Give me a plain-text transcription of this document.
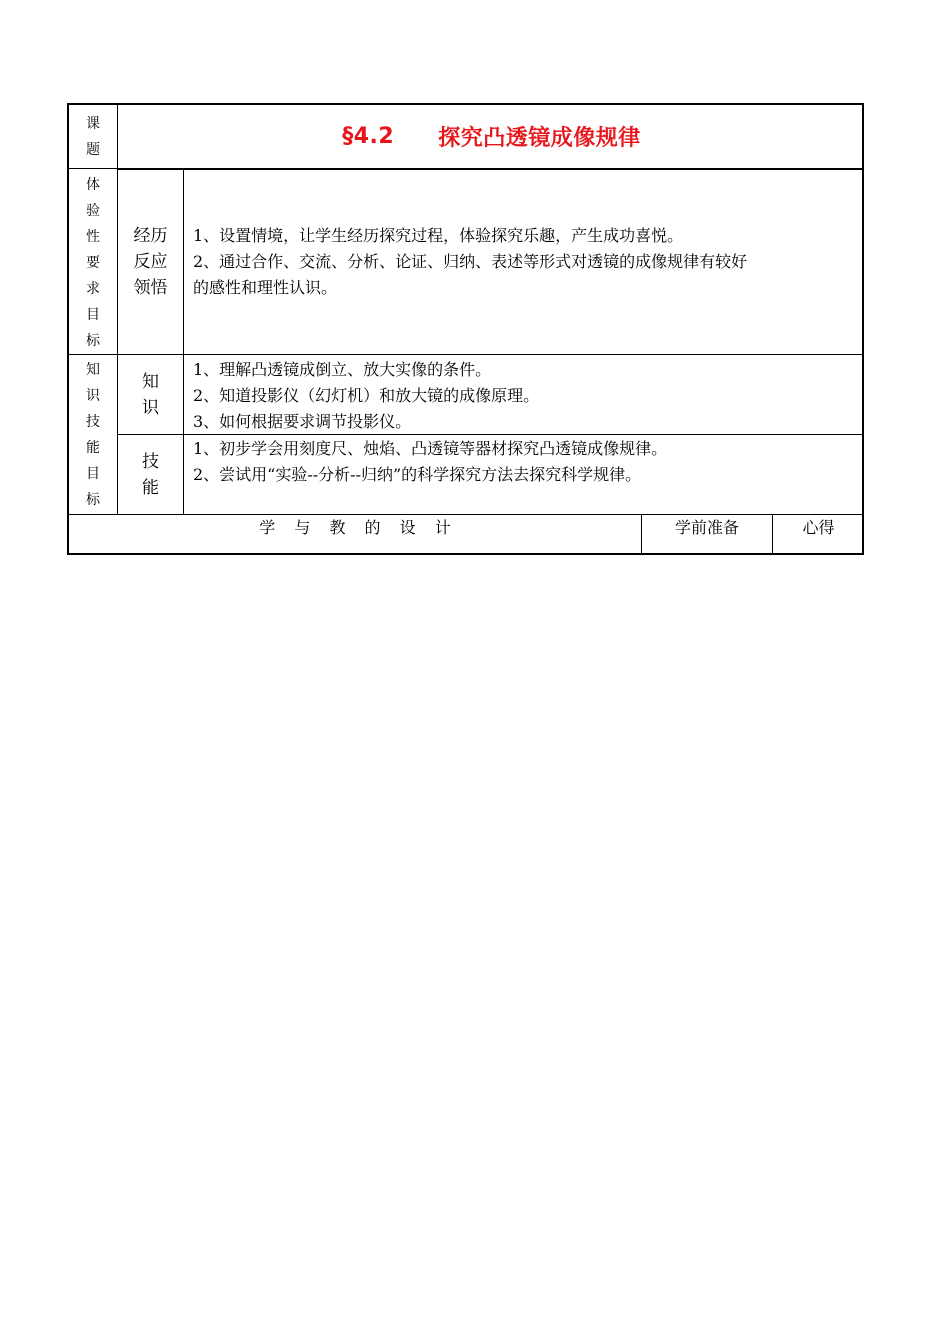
课
题
§4.2 探究凸透镜成像规律
体
验
性
要
求
目
标
经历
反应
领悟
1、设置情境，让学生经历探究过程，体验探究乐趣，产生成功喜悦。
2、通过合作、交流、分析、论证、归纳、表述等形式对透镜的成像规律有较好
的感性和理性认识。
知
识
技
能
目
标
知
识
1、理解凸透镜成倒立、放大实像的条件。
2、知道投影仪（幻灯机）和放大镜的成像原理。
3、如何根据要求调节投影仪。
技
能
1、初步学会用刻度尺、烛焰、凸透镜等器材探究凸透镜成像规律。
2、尝试用“实验--分析--归纳”的科学探究方法去探究科学规律。
学 与 教 的 设 计	学前准备	心得
